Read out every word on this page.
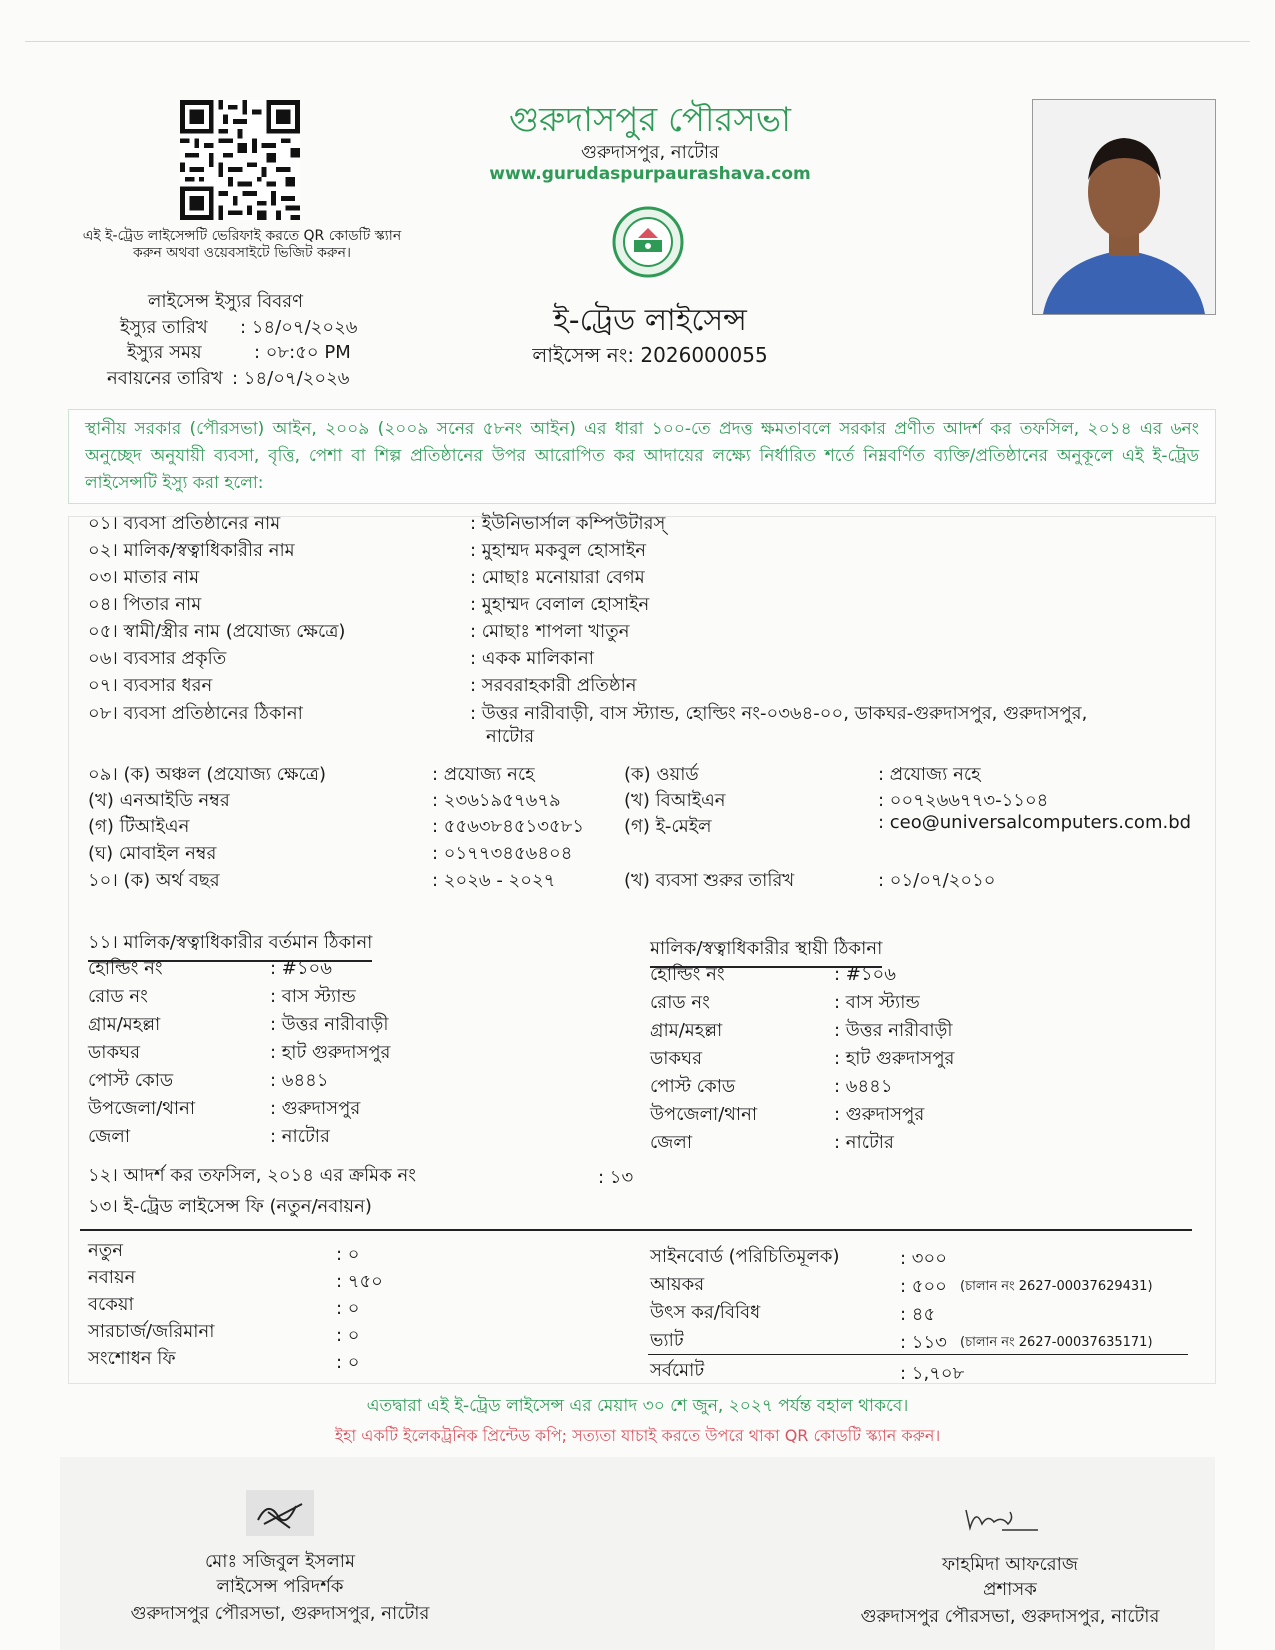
এই ই-ট্রেড লাইসেন্সটি ভেরিফাই করতে QR কোডটি স্ক্যান করুন অথবা ওয়েবসাইটে ভিজিট করুন।
লাইসেন্স ইস্যুর বিবরণ
ইস্যুর তারিখ : ১৪/০৭/২০২৬
ইস্যুর সময়	: ০৮:৫০ PM
নবায়নের তারিখ : ১৪/০৭/২০২৬
গুরুদাসপুর পৌরসভা
গুরুদাসপুর, নাটোর
www.gurudaspurpaurashava.com
ই-ট্রেড লাইসেন্স
লাইসেন্স নং: 2026000055

স্থানীয় সরকার (পৌরসভা) আইন, ২০০৯ (২০০৯ সনের ৫৮নং আইন) এর ধারা ১০০-তে প্রদত্ত ক্ষমতাবলে সরকার প্রণীত আদর্শ কর তফসিল, ২০১৪ এর ৬নং অনুচ্ছেদ অনুযায়ী ব্যবসা, বৃত্তি, পেশা বা শিল্প প্রতিষ্ঠানের উপর আরোপিত কর আদায়ের লক্ষ্যে নির্ধারিত শর্তে নিম্নবর্ণিত ব্যক্তি/প্রতিষ্ঠানের অনুকূলে এই ই-ট্রেড লাইসেন্সটি ইস্যু করা হলো:

০১। ব্যবসা প্রতিষ্ঠানের নাম	: ইউনিভার্সাল কম্পিউটারস্
০২। মালিক/স্বত্বাধিকারীর নাম	: মুহাম্মদ মকবুল হোসাইন
০৩। মাতার নাম	: মোছাঃ মনোয়ারা বেগম
০৪। পিতার নাম	: মুহাম্মদ বেলাল হোসাইন
০৫। স্বামী/স্ত্রীর নাম (প্রযোজ্য ক্ষেত্রে)	: মোছাঃ শাপলা খাতুন
০৬। ব্যবসার প্রকৃতি	: একক মালিকানা
০৭। ব্যবসার ধরন	: সরবরাহকারী প্রতিষ্ঠান
০৮। ব্যবসা প্রতিষ্ঠানের ঠিকানা	: উত্তর নারীবাড়ী, বাস স্ট্যান্ড, হোল্ডিং নং-০৩৬৪-০০, ডাকঘর-গুরুদাসপুর, গুরুদাসপুর,
নাটোর
০৯। (ক) অঞ্চল (প্রযোজ্য ক্ষেত্রে)	: প্রযোজ্য নহে	(ক) ওয়ার্ড	: প্রযোজ্য নহে
(খ) এনআইডি নম্বর	: ২৩৬১৯৫৭৬৭৯	(খ) বিআইএন	: ০০৭২৬৬৭৭৩-১১০৪
(গ) টিআইএন	: ৫৫৬৩৮৪৫১৩৫৮১ (গ) ই-মেইল	: ceo@universalcomputers.com.bd
(ঘ) মোবাইল নম্বর	: ০১৭৭৩৪৫৬৪০৪
১০। (ক) অর্থ বছর	: ২০২৬ - ২০২৭	(খ) ব্যবসা শুরুর তারিখ	: ০১/০৭/২০১০
১১। মালিক/স্বত্বাধিকারীর বর্তমান ঠিকানা
হোল্ডিং নং	: #১০৬
রোড নং	: বাস স্ট্যান্ড
গ্রাম/মহল্লা	: উত্তর নারীবাড়ী
ডাকঘর	: হাট গুরুদাসপুর
পোস্ট কোড	: ৬৪৪১
উপজেলা/থানা	: গুরুদাসপুর
জেলা	: নাটোর
মালিক/স্বত্বাধিকারীর স্থায়ী ঠিকানা
হোল্ডিং নং	: #১০৬
রোড নং	: বাস স্ট্যান্ড
গ্রাম/মহল্লা	: উত্তর নারীবাড়ী
ডাকঘর	: হাট গুরুদাসপুর
পোস্ট কোড	: ৬৪৪১
উপজেলা/থানা	: গুরুদাসপুর
জেলা	: নাটোর
১২। আদর্শ কর তফসিল, ২০১৪ এর ক্রমিক নং	: ১৩
১৩। ই-ট্রেড লাইসেন্স ফি (নতুন/নবায়ন)
নতুন	: ০
নবায়ন	: ৭৫০
বকেয়া	: ০
সারচার্জ/জরিমানা	: ০
সংশোধন ফি	: ০
সাইনবোর্ড (পরিচিতিমূলক)	: ৩০০
আয়কর	: ৫০০ (চালান নং 2627-00037629431)
উৎস কর/বিবিধ	: ৪৫
ভ্যাট	: ১১৩ (চালান নং 2627-00037635171)
সর্বমোট	: ১,৭০৮
এতদ্বারা এই ই-ট্রেড লাইসেন্স এর মেয়াদ ৩০ শে জুন, ২০২৭ পর্যন্ত বহাল থাকবে।
ইহা একটি ইলেকট্রনিক প্রিন্টেড কপি; সত্যতা যাচাই করতে উপরে থাকা QR কোডটি স্ক্যান করুন।
মোঃ সজিবুল ইসলাম
লাইসেন্স পরিদর্শক
গুরুদাসপুর পৌরসভা, গুরুদাসপুর, নাটোর
ফাহমিদা আফরোজ
প্রশাসক
গুরুদাসপুর পৌরসভা, গুরুদাসপুর, নাটোর
